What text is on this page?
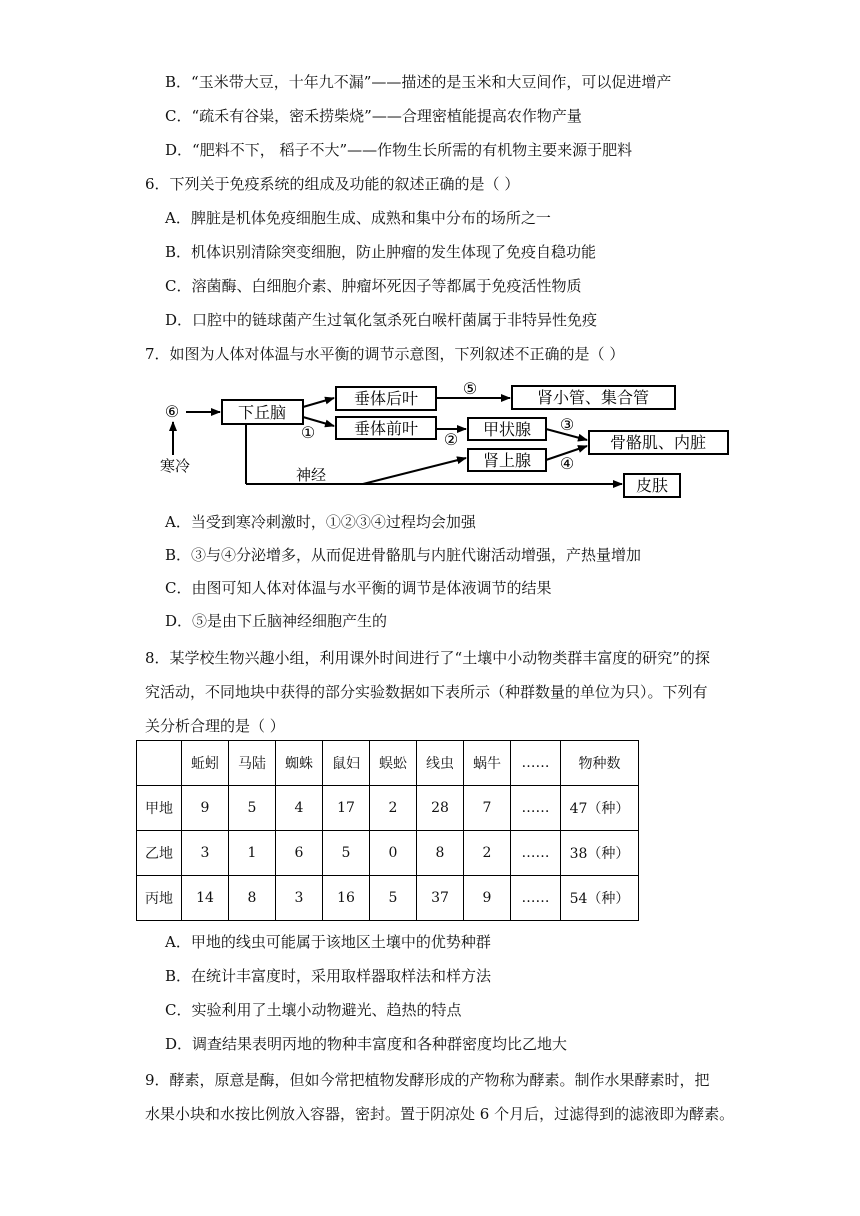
B．“玉米带大豆，十年九不漏”——描述的是玉米和大豆间作，可以促进增产
C．“疏禾有谷粜，密禾捞柴烧”——合理密植能提高农作物产量
D．“肥料不下， 稻子不大”——作物生长所需的有机物主要来源于肥料
6．下列关于免疫系统的组成及功能的叙述正确的是（ ）
A．脾脏是机体免疫细胞生成、成熟和集中分布的场所之一
B．机体识别清除突变细胞，防止肿瘤的发生体现了免疫自稳功能
C．溶菌酶、白细胞介素、肿瘤坏死因子等都属于免疫活性物质
D．口腔中的链球菌产生过氧化氢杀死白喉杆菌属于非特异性免疫
7．如图为人体对体温与水平衡的调节示意图，下列叙述不正确的是（ ）
⑥
寒冷
下丘脑
垂体后叶
垂体前叶
肾小管、集合管
甲状腺
骨骼肌、内脏
肾上腺
皮肤
神经
①	②
③
④
⑤
A．当受到寒冷刺激时，①②③④过程均会加强
B．③与④分泌增多，从而促进骨骼肌与内脏代谢活动增强，产热量增加
C．由图可知人体对体温与水平衡的调节是体液调节的结果
D．⑤是由下丘脑神经细胞产生的
8．某学校生物兴趣小组，利用课外时间进行了“土壤中小动物类群丰富度的研究”的探
究活动，不同地块中获得的部分实验数据如下表所示（种群数量的单位为只）。下列有
关分析合理的是（ ）
	蚯蚓	马陆	蜘蛛	鼠妇	蜈蚣	线虫	蜗牛	……	物种数
甲地	9	5	4	17	2	28	7	……	47（种）
乙地	3	1	6	5	0	8	2	……	38（种）
丙地	14	8	3	16	5	37	9	……	54（种）
A．甲地的线虫可能属于该地区土壤中的优势种群
B．在统计丰富度时，采用取样器取样法和样方法
C．实验利用了土壤小动物避光、趋热的特点
D．调查结果表明丙地的物种丰富度和各种群密度均比乙地大
9．酵素，原意是酶，但如今常把植物发酵形成的产物称为酵素。制作水果酵素时，把
水果小块和水按比例放入容器，密封。置于阴凉处 6 个月后，过滤得到的滤液即为酵素。
